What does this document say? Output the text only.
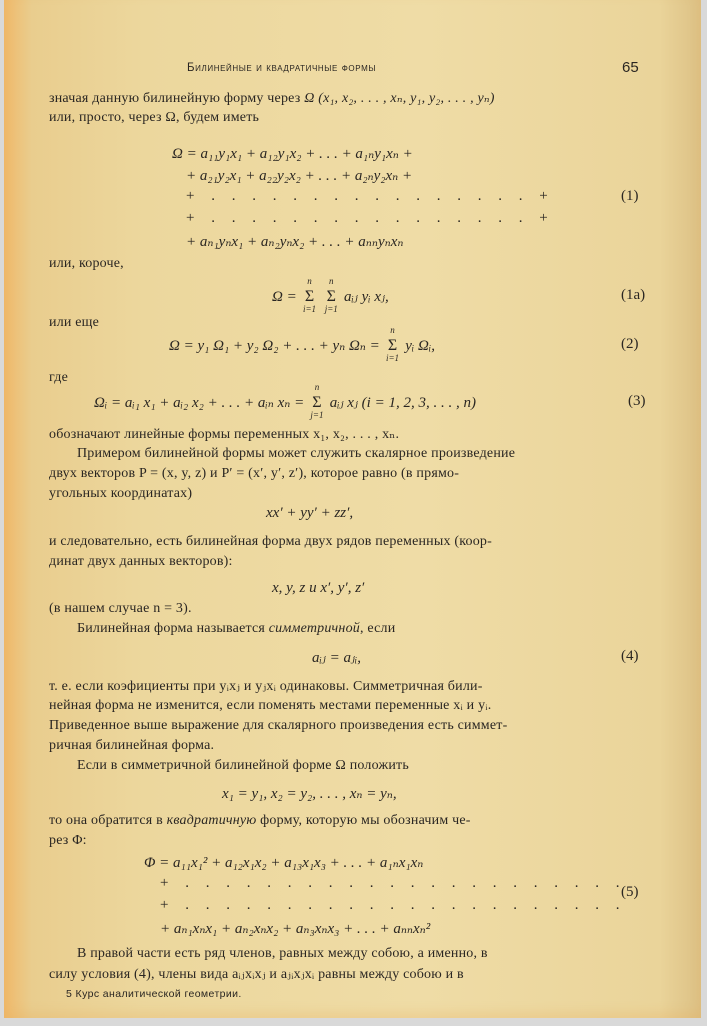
Билинейные и квадратичные формы	65
значая данную билинейную форму через Ω (x₁, x₂, . . . , xₙ, y₁, y₂, . . . , yₙ)
или, просто, через Ω, будем иметь
Ω = a₁₁y₁x₁ + a₁₂y₁x₂ + . . . + a₁ₙy₁xₙ +
+ a₂₁y₂x₁ + a₂₂y₂x₂ + . . . + a₂ₙy₂xₙ +
+ . . . . . . . . . . . . . . . . +
+ . . . . . . . . . . . . . . . . +
+ aₙ₁yₙx₁ + aₙ₂yₙx₂ + . . . + aₙₙyₙxₙ
(1)
или, короче,
Ω = Σ
n
i=1
Σ
n
j=1
aᵢⱼ yᵢ xⱼ,	(1a)
или еще
Ω = y₁ Ω₁ + y₂ Ω₂ + . . . + yₙ Ωₙ = Σ
n
i=1
yᵢ Ωᵢ,	(2)
где
Ωᵢ = aᵢ₁ x₁ + aᵢ₂ x₂ + . . . + aᵢₙ xₙ = Σ
n
j=1
aᵢⱼ xⱼ (i = 1, 2, 3, . . . , n)	(3)
обозначают линейные формы переменных x₁, x₂, . . . , xₙ.
Примером билинейной формы может служить скалярное произведение
двух векторов P = (x, y, z) и P′ = (x′, y′, z′), которое равно (в прямо-
угольных координатах)
xx′ + yy′ + zz′,
и следовательно, есть билинейная форма двух рядов переменных (коор-
динат двух данных векторов):
x, y, z и x′, y′, z′
(в нашем случае n = 3).
Билинейная форма называется симметричной, если
aᵢⱼ = aⱼᵢ,	(4)
т. е. если коэфициенты при yᵢxⱼ и yⱼxᵢ одинаковы. Симметричная били-
нейная форма не изменится, если поменять местами переменные xᵢ и yᵢ.
Приведенное выше выражение для скалярного произведения есть симмет-
ричная билинейная форма.
Если в симметричной билинейной форме Ω положить
x₁ = y₁, x₂ = y₂, . . . , xₙ = yₙ,
то она обратится в квадратичную форму, которую мы обозначим че-
рез Φ:
Φ = a₁₁x₁² + a₁₂x₁x₂ + a₁₃x₁x₃ + . . . + a₁ₙx₁xₙ
+ . . . . . . . . . . . . . . . . . . . . . .
+ . . . . . . . . . . . . . . . . . . . . . .
+ aₙ₁xₙx₁ + aₙ₂xₙx₂ + aₙ₃xₙx₃ + . . . + aₙₙxₙ²
(5)
В правой части есть ряд членов, равных между собою, а именно, в
силу условия (4), члены вида aᵢⱼxᵢxⱼ и aⱼᵢxⱼxᵢ равны между собою и в
5 Курс аналитической геометрии.
